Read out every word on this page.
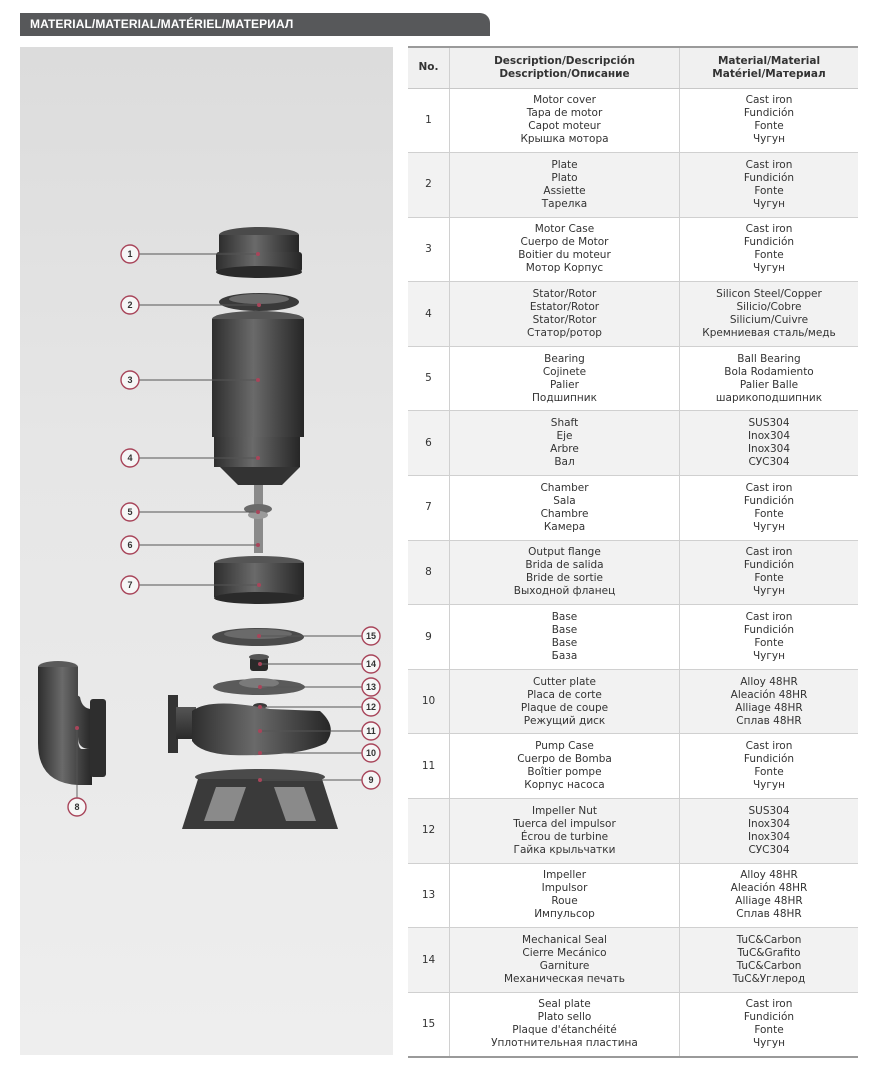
MATERIAL/MATERIAL/MATÉRIEL/МАТЕРИАЛ
1
2
3
4
5
6
7
8
9
10
11
12
13
14
15
No.	Description/Descripción
Description/Описание	Material/Material
Matériel/Материал

1	Motor cover
Tapa de motor
Capot moteur
Крышка мотора	Cast iron
Fundición
Fonte
Чугун

2	Plate
Plato
Assiette
Тарелка	Cast iron
Fundición
Fonte
Чугун

3	Motor Case
Cuerpo de Motor
Boitier du moteur
Мотор Корпус	Cast iron
Fundición
Fonte
Чугун

4	Stator/Rotor
Estator/Rotor
Stator/Rotor
Статор/ротор	Silicon Steel/Copper
Silicio/Cobre
Silicium/Cuivre
Кремниевая сталь/медь

5	Bearing
Cojinete
Palier
Подшипник	Ball Bearing
Bola Rodamiento
Palier Balle
шарикоподшипник

6	Shaft
Eje
Arbre
Вал	SUS304
Inox304
Inox304
СУС304

7	Chamber
Sala
Chambre
Камера	Cast iron
Fundición
Fonte
Чугун

8	Output flange
Brida de salida
Bride de sortie
Выходной фланец	Cast iron
Fundición
Fonte
Чугун

9	Base
Base
Base
База	Cast iron
Fundición
Fonte
Чугун

10	Cutter plate
Placa de corte
Plaque de coupe
Режущий диск	Alloy 48HR
Aleación 48HR
Alliage 48HR
Сплав 48HR

11	Pump Case
Cuerpo de Bomba
Boîtier pompe
Корпус насоса	Cast iron
Fundición
Fonte
Чугун

12	Impeller Nut
Tuerca del impulsor
Écrou de turbine
Гайка крыльчатки	SUS304
Inox304
Inox304
СУС304

13	Impeller
Impulsor
Roue
Импульсор	Alloy 48HR
Aleación 48HR
Alliage 48HR
Сплав 48HR

14	Mechanical Seal
Cierre Mecánico
Garniture
Механическая печать	TuC&Carbon
TuC&Grafito
TuC&Carbon
TuC&Углерод

15	Seal plate
Plato sello
Plaque d'étanchéité
Уплотнительная пластина	Cast iron
Fundición
Fonte
Чугун
